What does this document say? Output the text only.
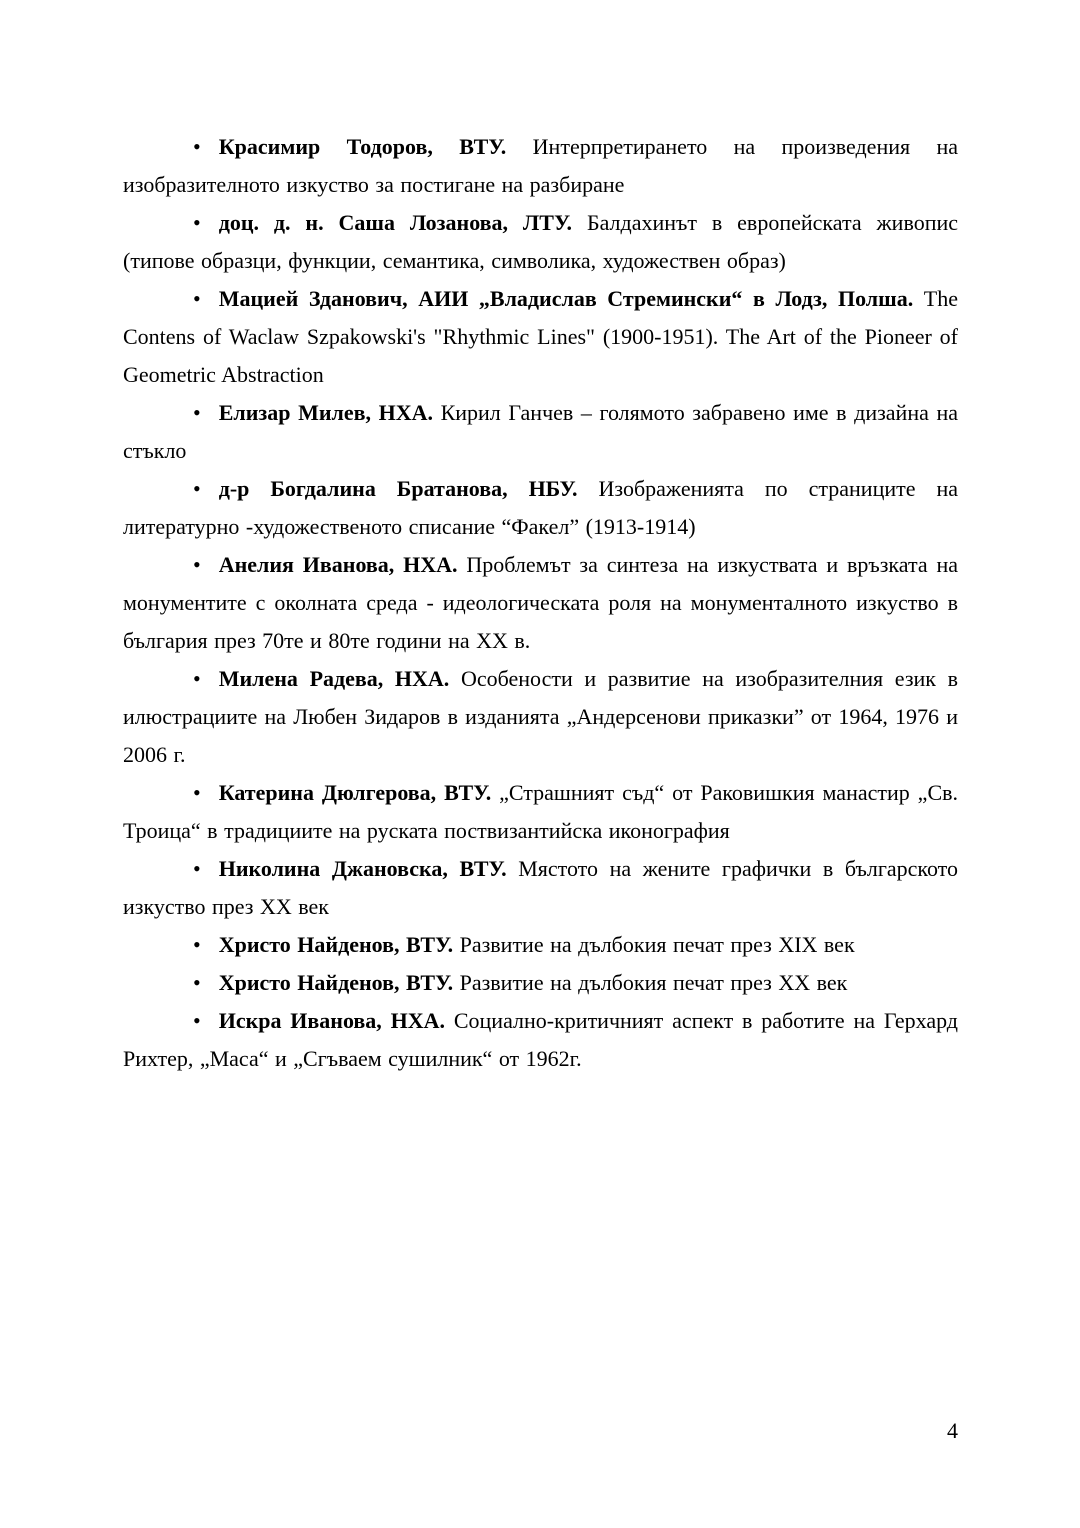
• Красимир Тодоров, ВТУ. Интерпретирането на произведения на изобразителното изкуство за постигане на разбиране

• доц. д. н. Саша Лозанова, ЛТУ. Балдахинът в европейската живопис (типове образци, функции, семантика, символика, художествен образ)

• Мацией Зданович, АИИ „Владислав Стремински“ в Лодз, Полша. The Contens of Waclaw Szpakowski's "Rhythmic Lines" (1900-1951). The Art of the Pioneer of Geometric Abstraction

• Елизар Милев, НХА. Кирил Ганчев – голямото забравено име в дизайна на стъкло

• д-р Богдалина Братанова, НБУ. Изображенията по страниците на литературно -художественото списание “Факел” (1913-1914)

• Анелия Иванова, НХА. Проблемът за синтеза на изкуствата и връзката на монументите с околната среда - идеологическата роля на монументалното изкуство в българия през 70те и 80те години на XX в.

• Милена Радева, НХА. Особености и развитие на изобразителния език в илюстрациите на Любен Зидаров в изданията „Андерсенови приказки” от 1964, 1976 и 2006 г.

• Катерина Дюлгерова, ВТУ. „Страшният съд“ от Раковишкия манастир „Св. Троица“ в традициите на руската поствизантийска иконография

• Николина Джановска, ВТУ. Мястото на жените графички в българското изкуство през XX век

• Христо Найденов, ВТУ. Развитие на дълбокия печат през XIX век

• Христо Найденов, ВТУ. Развитие на дълбокия печат през XX век

• Искра Иванова, НХА. Социално-критичният аспект в работите на Герхард Рихтер, „Маса“ и „Сгъваем сушилник“ от 1962г.

4
